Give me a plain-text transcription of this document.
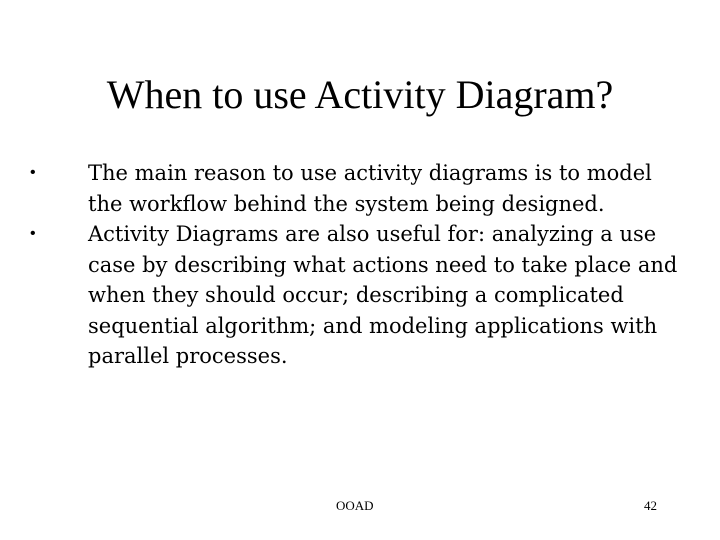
When to use Activity Diagram?
•	The main reason to use activity diagrams is to model the workflow behind the system being designed.
•	Activity Diagrams are also useful for: analyzing a use case by describing what actions need to take place and when they should occur; describing a complicated sequential algorithm; and modeling applications with parallel processes.
OOAD	42
